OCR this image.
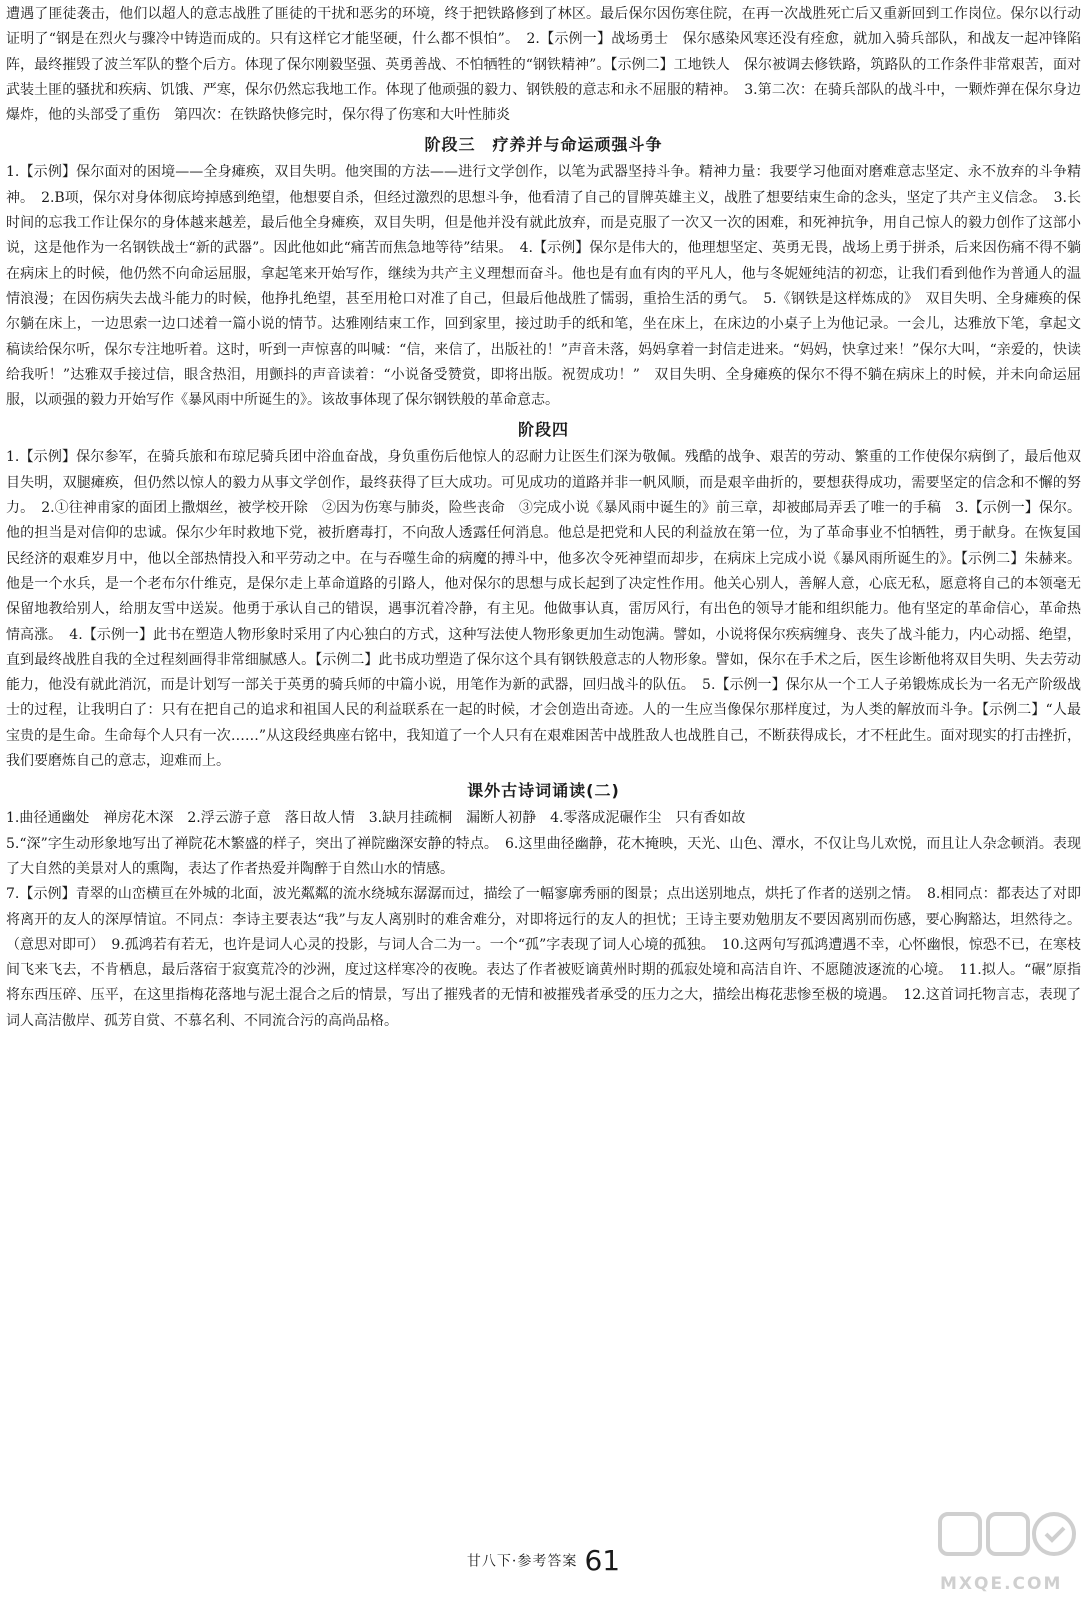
遭遇了匪徒袭击，他们以超人的意志战胜了匪徒的干扰和恶劣的环境，终于把铁路修到了林区。最后保尔因伤寒住院，在再一次战胜死亡后又重新回到工作岗位。保尔以行动证明了“钢是在烈火与骤冷中铸造而成的。只有这样它才能坚硬，什么都不惧怕”。　2.【示例一】战场勇士　保尔感染风寒还没有痊愈，就加入骑兵部队，和战友一起冲锋陷阵，最终摧毁了波兰军队的整个后方。体现了保尔刚毅坚强、英勇善战、不怕牺牲的“钢铁精神”。【示例二】工地铁人　保尔被调去修铁路，筑路队的工作条件非常艰苦，面对武装土匪的骚扰和疾病、饥饿、严寒，保尔仍然忘我地工作。体现了他顽强的毅力、钢铁般的意志和永不屈服的精神。　3.第二次：在骑兵部队的战斗中，一颗炸弹在保尔身边爆炸，他的头部受了重伤　第四次：在铁路快修完时，保尔得了伤寒和大叶性肺炎

阶段三　疗养并与命运顽强斗争

1.【示例】保尔面对的困境——全身瘫痪，双目失明。他突围的方法——进行文学创作，以笔为武器坚持斗争。精神力量：我要学习他面对磨难意志坚定、永不放弃的斗争精神。　2.B项，保尔对身体彻底垮掉感到绝望，他想要自杀，但经过激烈的思想斗争，他看清了自己的冒牌英雄主义，战胜了想要结束生命的念头，坚定了共产主义信念。　3.长时间的忘我工作让保尔的身体越来越差，最后他全身瘫痪，双目失明，但是他并没有就此放弃，而是克服了一次又一次的困难，和死神抗争，用自己惊人的毅力创作了这部小说，这是他作为一名钢铁战士“新的武器”。因此他如此“痛苦而焦急地等待”结果。　4.【示例】保尔是伟大的，他理想坚定、英勇无畏，战场上勇于拼杀，后来因伤痛不得不躺在病床上的时候，他仍然不向命运屈服，拿起笔来开始写作，继续为共产主义理想而奋斗。他也是有血有肉的平凡人，他与冬妮娅纯洁的初恋，让我们看到他作为普通人的温情浪漫；在因伤病失去战斗能力的时候，他挣扎绝望，甚至用枪口对准了自己，但最后他战胜了懦弱，重拾生活的勇气。　5.《钢铁是这样炼成的》　双目失明、全身瘫痪的保尔躺在床上，一边思索一边口述着一篇小说的情节。达雅刚结束工作，回到家里，接过助手的纸和笔，坐在床上，在床边的小桌子上为他记录。一会儿，达雅放下笔，拿起文稿读给保尔听，保尔专注地听着。这时，听到一声惊喜的叫喊：“信，来信了，出版社的！”声音未落，妈妈拿着一封信走进来。“妈妈，快拿过来！”保尔大叫，“亲爱的，快读给我听！”达雅双手接过信，眼含热泪，用颤抖的声音读着：“小说备受赞赏，即将出版。祝贺成功！”　双目失明、全身瘫痪的保尔不得不躺在病床上的时候，并未向命运屈服，以顽强的毅力开始写作《暴风雨中所诞生的》。该故事体现了保尔钢铁般的革命意志。

阶段四

1.【示例】保尔参军，在骑兵旅和布琼尼骑兵团中浴血奋战，身负重伤后他惊人的忍耐力让医生们深为敬佩。残酷的战争、艰苦的劳动、繁重的工作使保尔病倒了，最后他双目失明，双腿瘫痪，但仍然以惊人的毅力从事文学创作，最终获得了巨大成功。可见成功的道路并非一帆风顺，而是艰辛曲折的，要想获得成功，需要坚定的信念和不懈的努力。　2.①往神甫家的面团上撒烟丝，被学校开除　②因为伤寒与肺炎，险些丧命　③完成小说《暴风雨中诞生的》前三章，却被邮局弄丢了唯一的手稿　3.【示例一】保尔。他的担当是对信仰的忠诚。保尔少年时救地下党，被折磨毒打，不向敌人透露任何消息。他总是把党和人民的利益放在第一位，为了革命事业不怕牺牲，勇于献身。在恢复国民经济的艰难岁月中，他以全部热情投入和平劳动之中。在与吞噬生命的病魔的搏斗中，他多次令死神望而却步，在病床上完成小说《暴风雨所诞生的》。【示例二】朱赫来。他是一个水兵，是一个老布尔什维克，是保尔走上革命道路的引路人，他对保尔的思想与成长起到了决定性作用。他关心别人，善解人意，心底无私，愿意将自己的本领毫无保留地教给别人，给朋友雪中送炭。他勇于承认自己的错误，遇事沉着冷静，有主见。他做事认真，雷厉风行，有出色的领导才能和组织能力。他有坚定的革命信心，革命热情高涨。　4.【示例一】此书在塑造人物形象时采用了内心独白的方式，这种写法使人物形象更加生动饱满。譬如，小说将保尔疾病缠身、丧失了战斗能力，内心动摇、绝望，直到最终战胜自我的全过程刻画得非常细腻感人。【示例二】此书成功塑造了保尔这个具有钢铁般意志的人物形象。譬如，保尔在手术之后，医生诊断他将双目失明、失去劳动能力，他没有就此消沉，而是计划写一部关于英勇的骑兵师的中篇小说，用笔作为新的武器，回归战斗的队伍。　5.【示例一】保尔从一个工人子弟锻炼成长为一名无产阶级战士的过程，让我明白了：只有在把自己的追求和祖国人民的利益联系在一起的时候，才会创造出奇迹。人的一生应当像保尔那样度过，为人类的解放而斗争。【示例二】“人最宝贵的是生命。生命每个人只有一次……”从这段经典座右铭中，我知道了一个人只有在艰难困苦中战胜敌人也战胜自己，不断获得成长，才不枉此生。面对现实的打击挫折，我们要磨炼自己的意志，迎难而上。

课外古诗词诵读(二)

1.曲径通幽处　禅房花木深　2.浮云游子意　落日故人情　3.缺月挂疏桐　漏断人初静　4.零落成泥碾作尘　只有香如故

5.“深”字生动形象地写出了禅院花木繁盛的样子，突出了禅院幽深安静的特点。　6.这里曲径幽静，花木掩映，天光、山色、潭水，不仅让鸟儿欢悦，而且让人杂念顿消。表现了大自然的美景对人的熏陶，表达了作者热爱并陶醉于自然山水的情感。

7.【示例】青翠的山峦横亘在外城的北面，波光粼粼的流水绕城东潺潺而过，描绘了一幅寥廓秀丽的图景；点出送别地点，烘托了作者的送别之情。　8.相同点：都表达了对即将离开的友人的深厚情谊。不同点：李诗主要表达“我”与友人离别时的难舍难分，对即将远行的友人的担忧；王诗主要劝勉朋友不要因离别而伤感，要心胸豁达，坦然待之。（意思对即可）　9.孤鸿若有若无，也许是词人心灵的投影，与词人合二为一。一个“孤”字表现了词人心境的孤独。　10.这两句写孤鸿遭遇不幸，心怀幽恨，惊恐不已，在寒枝间飞来飞去，不肯栖息，最后落宿于寂寞荒冷的沙洲，度过这样寒冷的夜晚。表达了作者被贬谪黄州时期的孤寂处境和高洁自许、不愿随波逐流的心境。　11.拟人。“碾”原指将东西压碎、压平，在这里指梅花落地与泥土混合之后的情景，写出了摧残者的无情和被摧残者承受的压力之大，描绘出梅花悲惨至极的境遇。　12.这首词托物言志，表现了词人高洁傲岸、孤芳自赏、不慕名利、不同流合污的高尚品格。

甘八下·参考答案 61
MXQE.COM
